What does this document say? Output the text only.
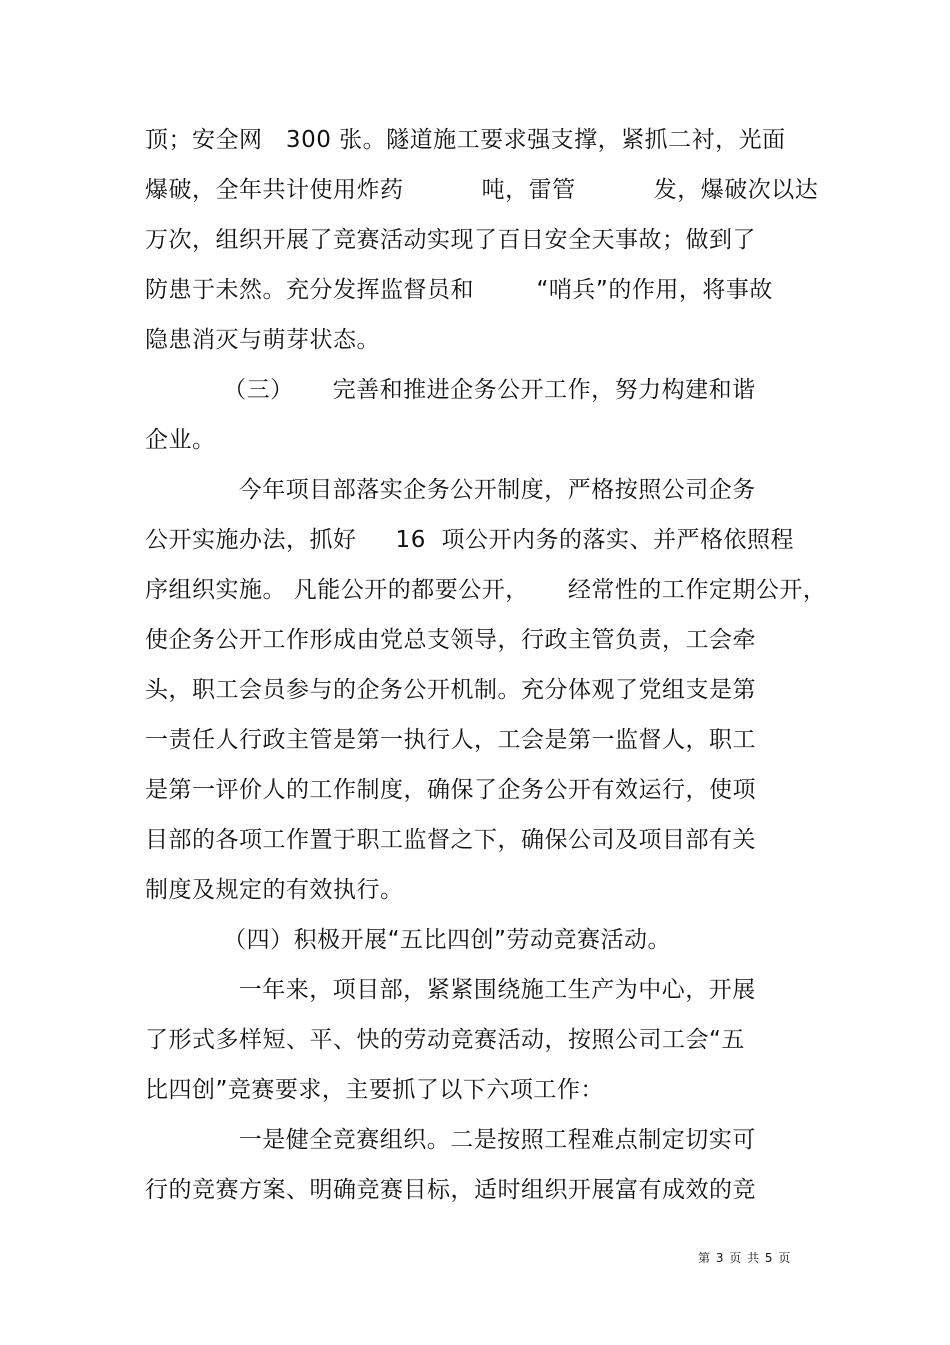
顶；安全网   300 张。隧道施工要求强支撑，紧抓二衬，光面
爆破，全年共计使用炸药          吨，雷管          发，爆破次以达
万次，组织开展了竞赛活动实现了百日安全天事故；做到了
防患于未然。充分发挥监督员和        “哨兵”的作用，将事故
隐患消灭与萌芽状态。
（三）     完善和推进企务公开工作，努力构建和谐
企业。
今年项目部落实企务公开制度，严格按照公司企务
公开实施办法，抓好     16  项公开内务的落实、并严格依照程
序组织实施。 凡能公开的都要公开，     经常性的工作定期公开，
使企务公开工作形成由党总支领导，行政主管负责，工会牵
头，职工会员参与的企务公开机制。充分体观了党组支是第
一责任人行政主管是第一执行人，工会是第一监督人，职工
是第一评价人的工作制度，确保了企务公开有效运行，使项
目部的各项工作置于职工监督之下，确保公司及项目部有关
制度及规定的有效执行。
（四）积极开展“五比四创”劳动竞赛活动。
一年来，项目部，紧紧围绕施工生产为中心，开展
了形式多样短、平、快的劳动竞赛活动，按照公司工会“五
比四创”竞赛要求，主要抓了以下六项工作：
一是健全竞赛组织。二是按照工程难点制定切实可
行的竞赛方案、明确竞赛目标，适时组织开展富有成效的竞
第 3 页 共 5 页
